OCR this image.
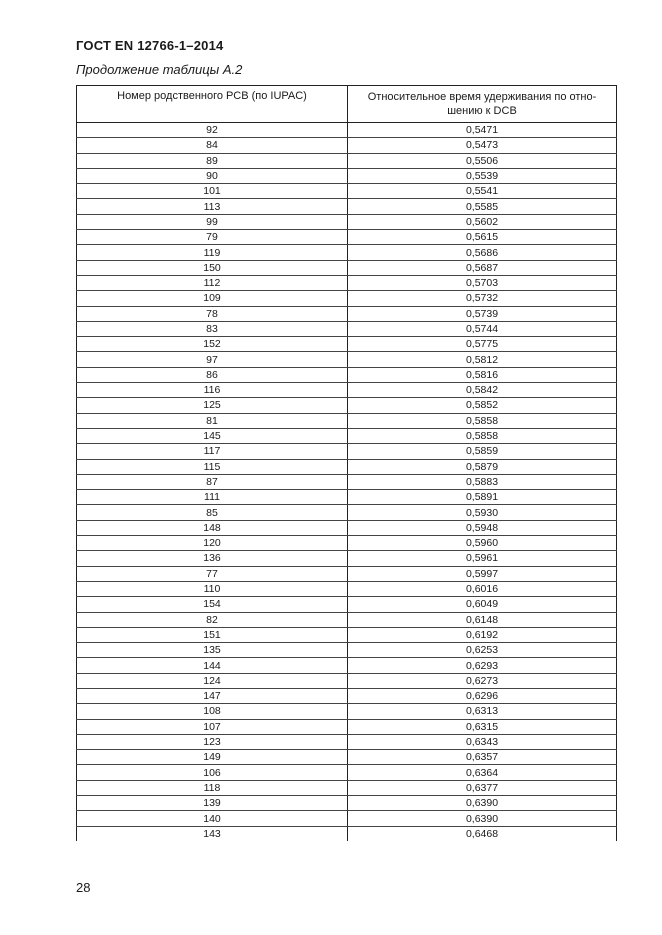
ГОСТ EN 12766-1–2014
Продолжение таблицы А.2
Номер родственного РСВ (по IUPAC)	Относительное время удерживания по отно-шению к DCB
92	0,5471
84	0,5473
89	0,5506
90	0,5539
101	0,5541
113	0,5585
99	0,5602
79	0,5615
119	0,5686
150	0,5687
112	0,5703
109	0,5732
78	0,5739
83	0,5744
152	0,5775
97	0,5812
86	0,5816
116	0,5842
125	0,5852
81	0,5858
145	0,5858
117	0,5859
115	0,5879
87	0,5883
111	0,5891
85	0,5930
148	0,5948
120	0,5960
136	0,5961
77	0,5997
110	0,6016
154	0,6049
82	0,6148
151	0,6192
135	0,6253
144	0,6293
124	0,6273
147	0,6296
108	0,6313
107	0,6315
123	0,6343
149	0,6357
106	0,6364
118	0,6377
139	0,6390
140	0,6390
143	0,6468
28
